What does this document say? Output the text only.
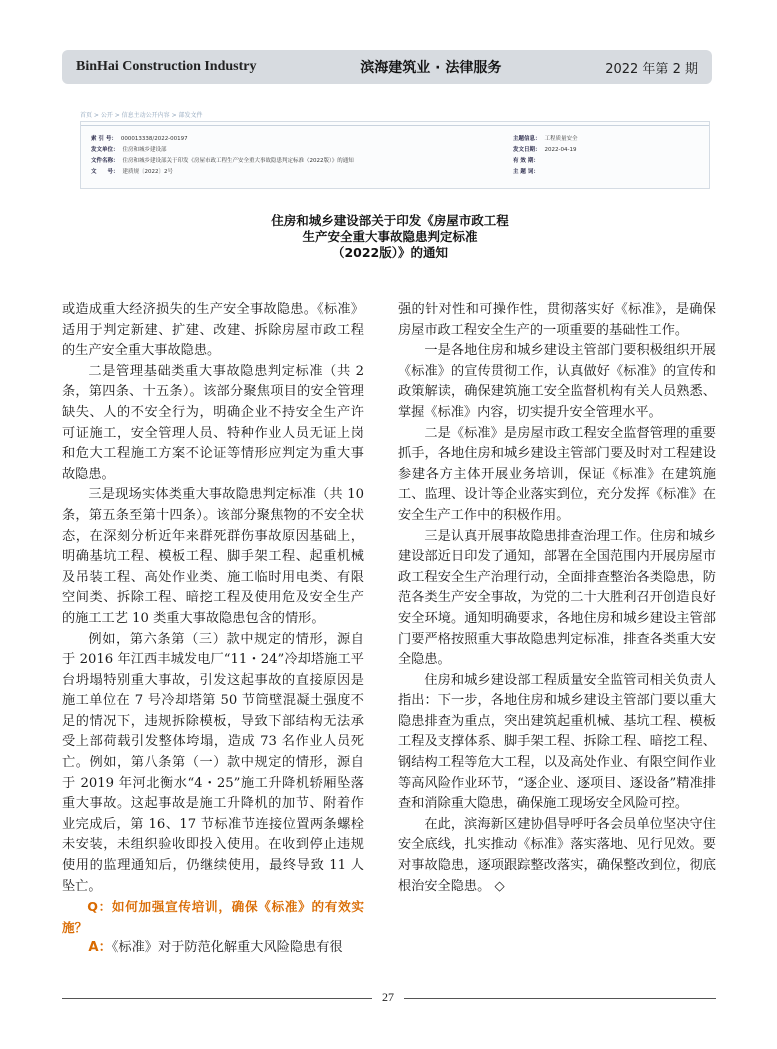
BinHai Construction Industry	滨海建筑业 · 法律服务	2022 年第 2 期
首页 > 公开 > 信息主动公开内容 > 部发文件
索 引 号： 000013338/2022-00197
发文单位： 住房和城乡建设部
文件名称： 住房和城乡建设部关于印发《房屋市政工程生产安全重大事故隐患判定标准（2022版）》的通知
文　　号： 建质规〔2022〕2号
主题信息： 工程质量安全
发文日期： 2022-04-19
有 效 期：
主 题 词：
住房和城乡建设部关于印发《房屋市政工程
生产安全重大事故隐患判定标准
（2022版）》的通知

或造成重大经济损失的生产安全事故隐患。《标准》适用于判定新建、扩建、改建、拆除房屋市政工程的生产安全重大事故隐患。

二是管理基础类重大事故隐患判定标准（共 2 条，第四条、十五条）。该部分聚焦项目的安全管理缺失、人的不安全行为，明确企业不持安全生产许可证施工，安全管理人员、特种作业人员无证上岗和危大工程施工方案不论证等情形应判定为重大事故隐患。

三是现场实体类重大事故隐患判定标准（共 10 条，第五条至第十四条）。该部分聚焦物的不安全状态，在深刻分析近年来群死群伤事故原因基础上，明确基坑工程、模板工程、脚手架工程、起重机械及吊装工程、高处作业类、施工临时用电类、有限空间类、拆除工程、暗挖工程及使用危及安全生产的施工工艺 10 类重大事故隐患包含的情形。

例如，第六条第（三）款中规定的情形，源自于 2016 年江西丰城发电厂“11・24”冷却塔施工平台坍塌特别重大事故，引发这起事故的直接原因是施工单位在 7 号冷却塔第 50 节筒壁混凝土强度不足的情况下，违规拆除模板，导致下部结构无法承受上部荷载引发整体垮塌，造成 73 名作业人员死亡。例如，第八条第（一）款中规定的情形，源自于 2019 年河北衡水“4・25”施工升降机轿厢坠落重大事故。这起事故是施工升降机的加节、附着作业完成后，第 16、17 节标准节连接位置两条螺栓未安装，未组织验收即投入使用。在收到停止违规使用的监理通知后，仍继续使用，最终导致 11 人坠亡。

Q：如何加强宣传培训，确保《标准》的有效实施？

A：《标准》对于防范化解重大风险隐患有很

强的针对性和可操作性，贯彻落实好《标准》，是确保房屋市政工程安全生产的一项重要的基础性工作。

一是各地住房和城乡建设主管部门要积极组织开展《标准》的宣传贯彻工作，认真做好《标准》的宣传和政策解读，确保建筑施工安全监督机构有关人员熟悉、掌握《标准》内容，切实提升安全管理水平。

二是《标准》是房屋市政工程安全监督管理的重要抓手，各地住房和城乡建设主管部门要及时对工程建设参建各方主体开展业务培训，保证《标准》在建筑施工、监理、设计等企业落实到位，充分发挥《标准》在安全生产工作中的积极作用。

三是认真开展事故隐患排查治理工作。住房和城乡建设部近日印发了通知，部署在全国范围内开展房屋市政工程安全生产治理行动，全面排查整治各类隐患，防范各类生产安全事故，为党的二十大胜利召开创造良好安全环境。通知明确要求，各地住房和城乡建设主管部门要严格按照重大事故隐患判定标准，排查各类重大安全隐患。

住房和城乡建设部工程质量安全监管司相关负责人指出：下一步，各地住房和城乡建设主管部门要以重大隐患排查为重点，突出建筑起重机械、基坑工程、模板工程及支撑体系、脚手架工程、拆除工程、暗挖工程、钢结构工程等危大工程，以及高处作业、有限空间作业等高风险作业环节，“逐企业、逐项目、逐设备”精准排查和消除重大隐患，确保施工现场安全风险可控。

在此，滨海新区建协倡导呼吁各会员单位坚决守住安全底线，扎实推动《标准》落实落地、见行见效。要对事故隐患，逐项跟踪整改落实，确保整改到位，彻底根治安全隐患。 ◇

27
